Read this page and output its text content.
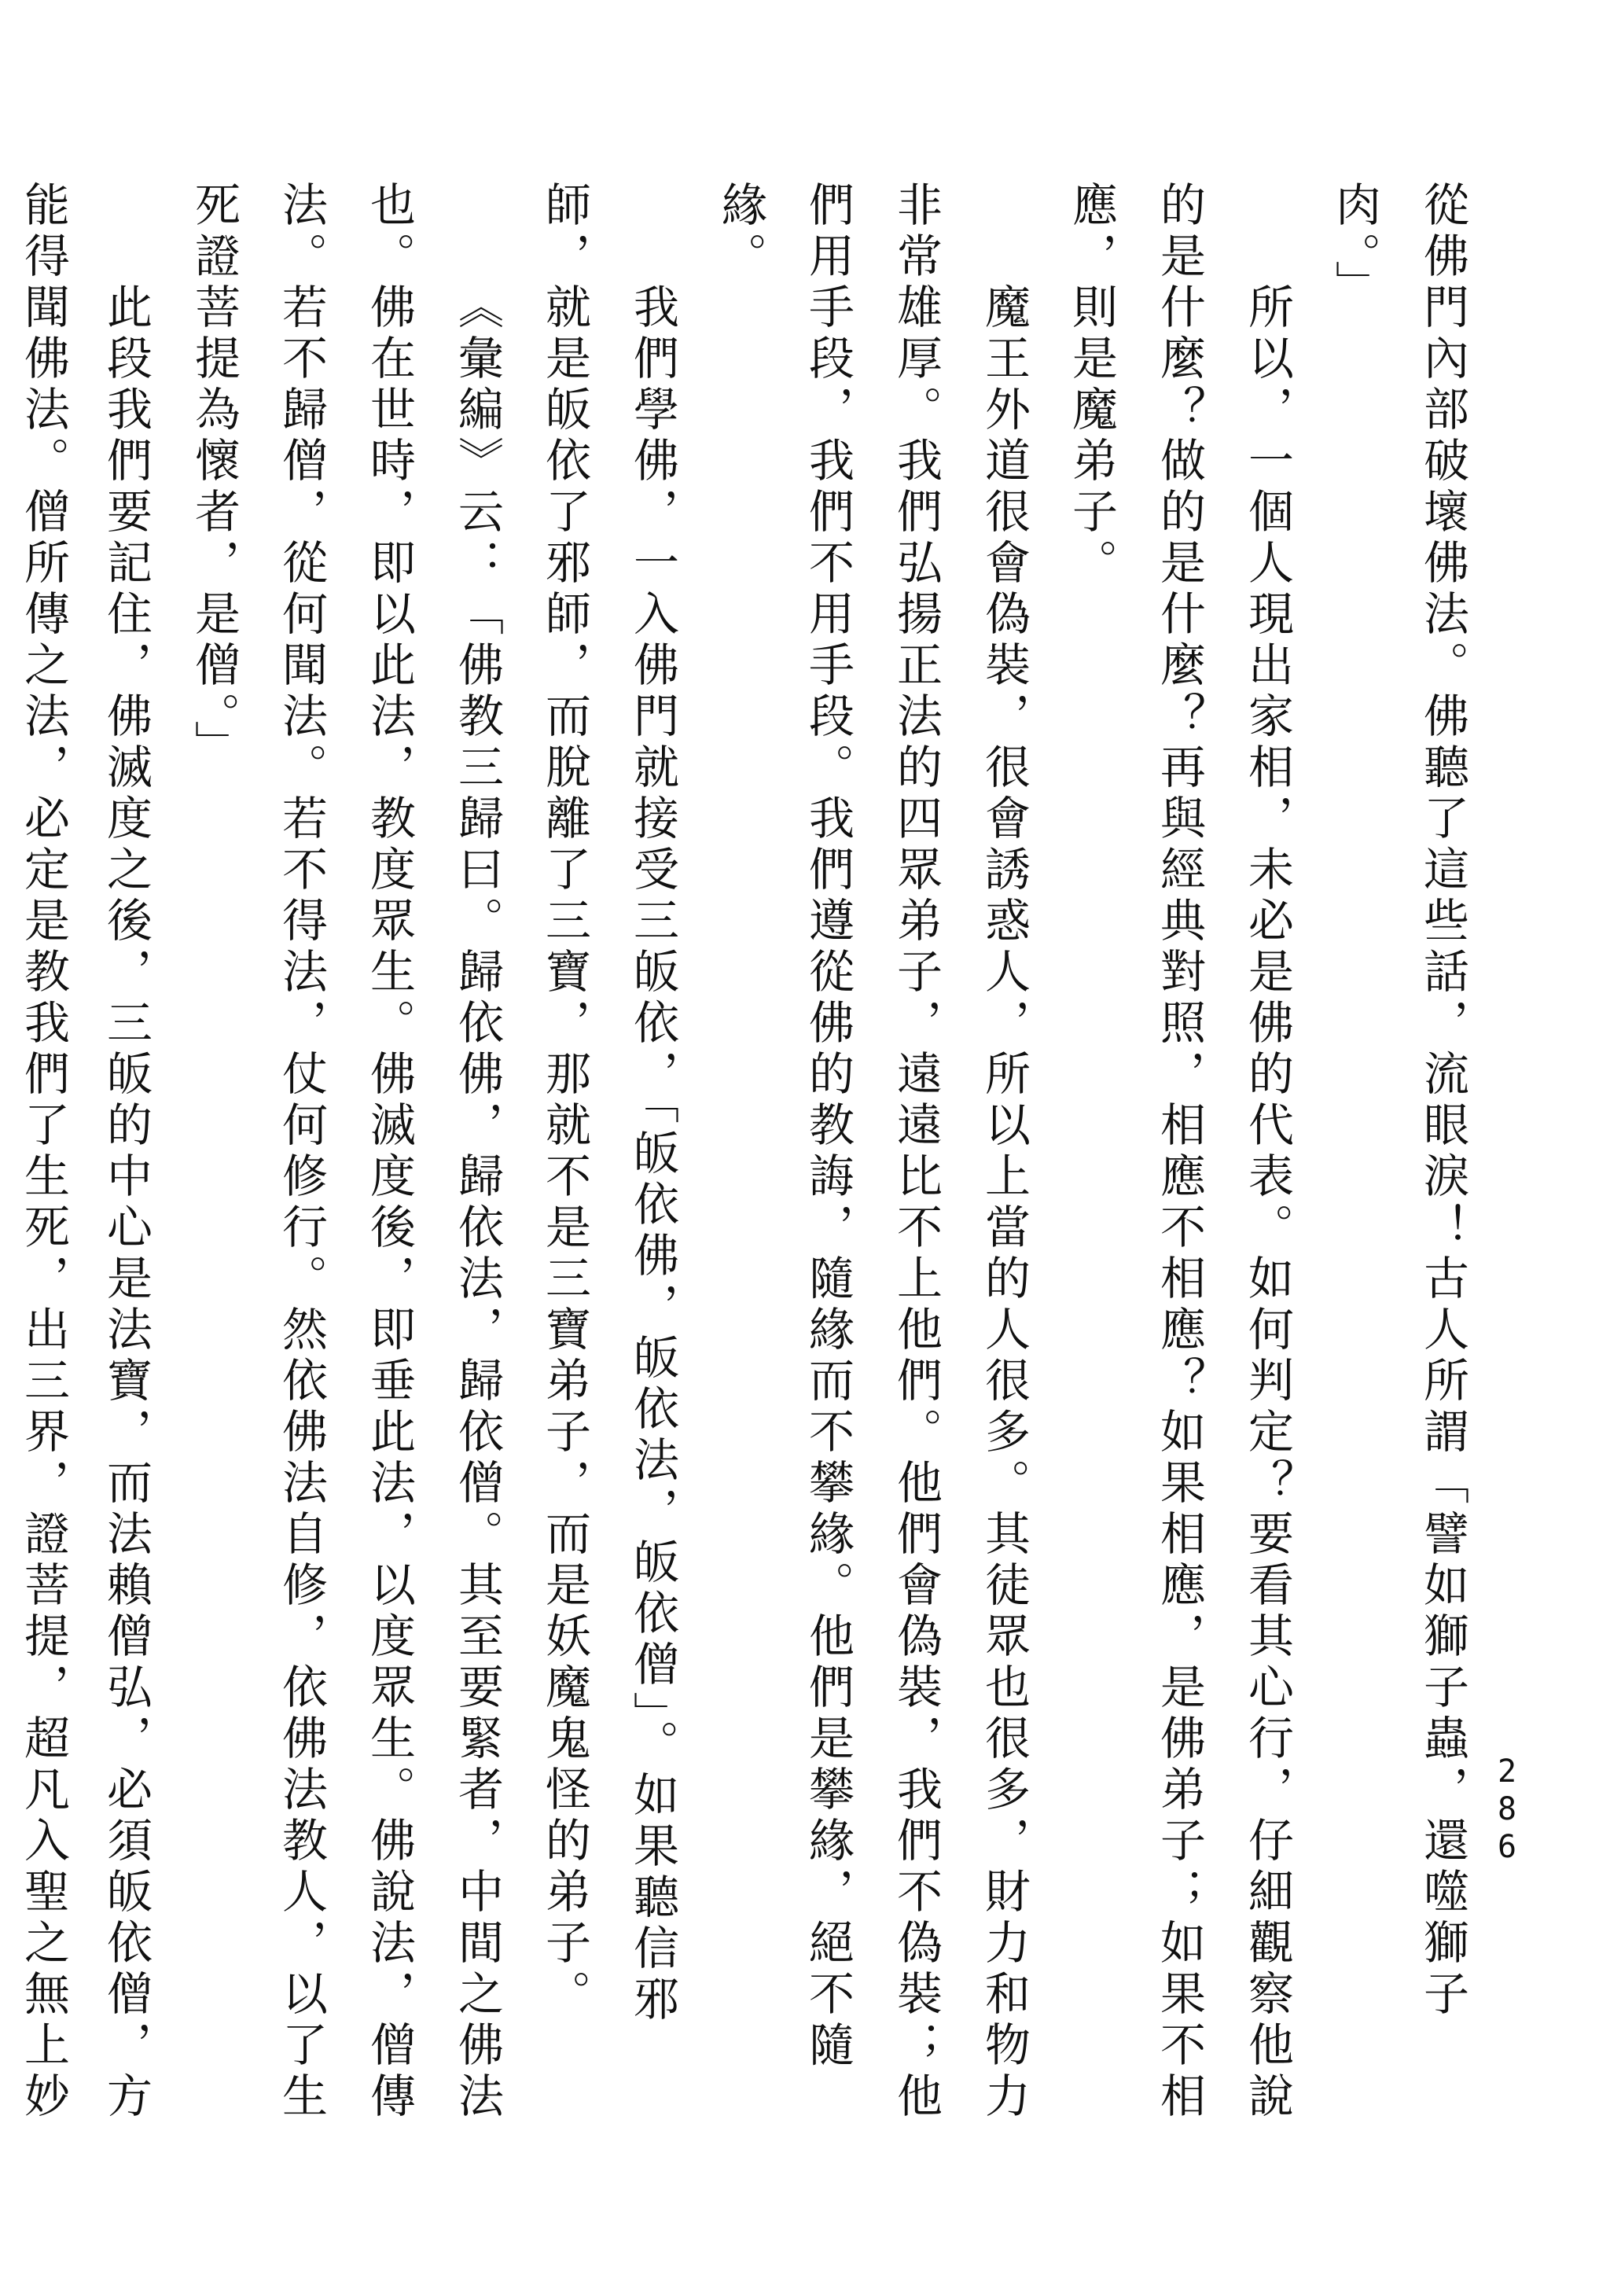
286
從佛門內部破壞佛法。佛聽了這些話，流眼淚！古人所謂「譬如獅子蟲，還噬獅子
肉。」
所以，一個人現出家相，未必是佛的代表。如何判定？要看其心行，仔細觀察他說
的是什麼？做的是什麼？再與經典對照，相應不相應？如果相應，是佛弟子；如果不相
應，則是魔弟子。
魔王外道很會偽裝，很會誘惑人，所以上當的人很多。其徒眾也很多，財力和物力
非常雄厚。我們弘揚正法的四眾弟子，遠遠比不上他們。他們會偽裝，我們不偽裝；他
們用手段，我們不用手段。我們遵從佛的教誨，隨緣而不攀緣。他們是攀緣，絕不隨
緣。
我們學佛，一入佛門就接受三皈依，「皈依佛，皈依法，皈依僧」。如果聽信邪
師，就是皈依了邪師，而脫離了三寶，那就不是三寶弟子，而是妖魔鬼怪的弟子。
《彙編》云：「佛教三歸曰。歸依佛，歸依法，歸依僧。其至要緊者，中間之佛法
也。佛在世時，即以此法，教度眾生。佛滅度後，即垂此法，以度眾生。佛說法，僧傳
法。若不歸僧，從何聞法。若不得法，仗何修行。然依佛法自修，依佛法教人，以了生
死證菩提為懷者，是僧。」
此段我們要記住，佛滅度之後，三皈的中心是法寶，而法賴僧弘，必須皈依僧，方
能得聞佛法。僧所傳之法，必定是教我們了生死，出三界，證菩提，超凡入聖之無上妙
